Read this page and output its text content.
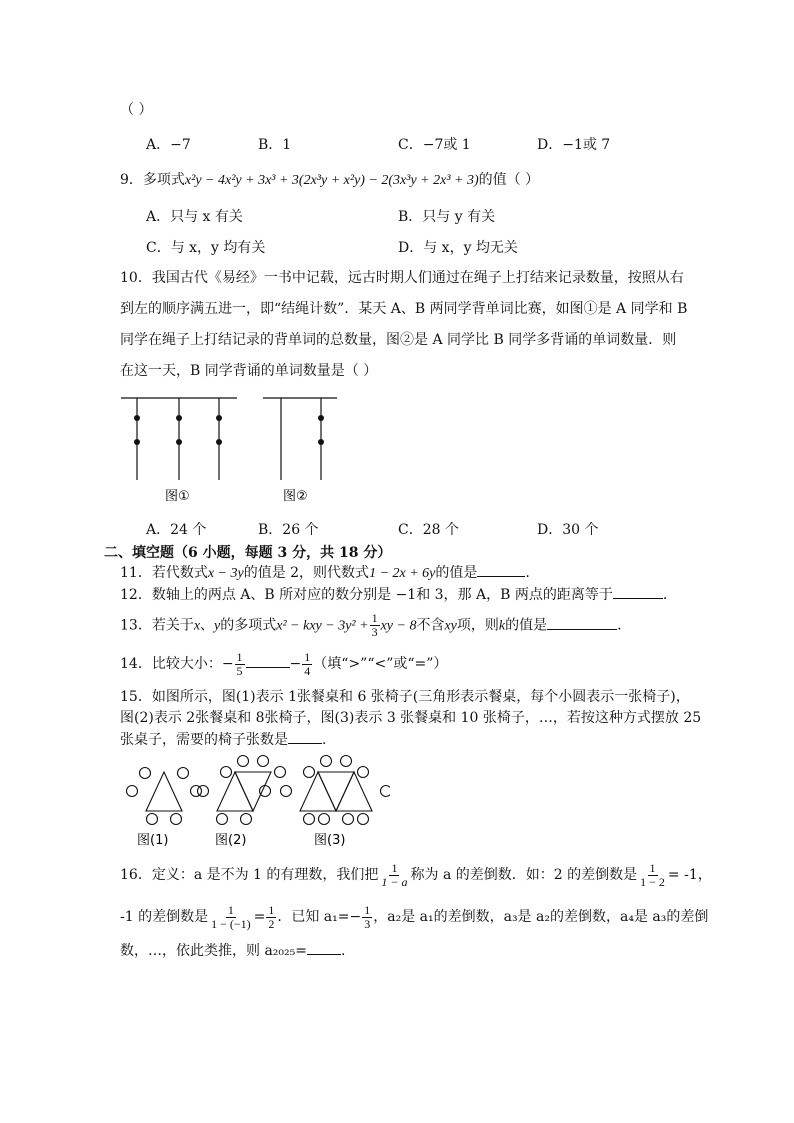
（ ）
A．−7	B．1	C．−7或 1	D．−1或 7
9．多项式x²y − 4x²y + 3x³ + 3(2x³y + x²y) − 2(3x³y + 2x³ + 3)的值（ ）
A．只与 x 有关	B．只与 y 有关
C．与 x，y 均有关	D．与 x，y 均无关
10．我国古代《易经》一书中记载，远古时期人们通过在绳子上打结来记录数量，按照从右
到左的顺序满五进一，即“结绳计数”．某天 A、B 两同学背单词比赛，如图①是 A 同学和 B
同学在绳子上打结记录的背单词的总数量，图②是 A 同学比 B 同学多背诵的单词数量．则
在这一天，B 同学背诵的单词数量是（ ）
图①	图②
A．24 个	B．26 个	C．28 个	D．30 个
二、填空题（6 小题，每题 3 分，共 18 分）
11．若代数式x − 3y的值是 2，则代数式1 − 2x + 6y的值是	.
12．数轴上的两点 A、B 所对应的数分别是 −1和 3，那 A，B 两点的距离等于	.
13．若关于x、y的多项式x² − kxy − $3y^2 + \frac{1}{3}$ xy − 8不含xy项，则k的值是	.
14．比较大小：− $\frac{1}{5}$	− $\frac{1}{4}$ （填“>”“<”或“=”）
15．如图所示，图(1)表示 1张餐桌和 6 张椅子(三角形表示餐桌，每个小圆表示一张椅子)，
图(2)表示 2张餐桌和 8张椅子，图(3)表示 3 张餐桌和 10 张椅子，…，若按这种方式摆放 25
张桌子，需要的椅子张数是 .
图(1)	图(2)	图(3)
16．定义：a 是不为 1 的有理数，我们把 $\frac{1}{1 - a}$ 称为 a 的差倒数．如：2 的差倒数是 $\frac{1}{1 - 2} = -1$，
-1 的差倒数是 $\frac{1}{1 - (-1)} = \frac{1}{2}$ ．已知 $a_1=- \frac{1}{3}$ ，a₂是 a₁的差倒数，a₃是 a₂的差倒数，a₄是 a₃的差倒
数，…，依此类推，则 a₂₀₂₅= .
